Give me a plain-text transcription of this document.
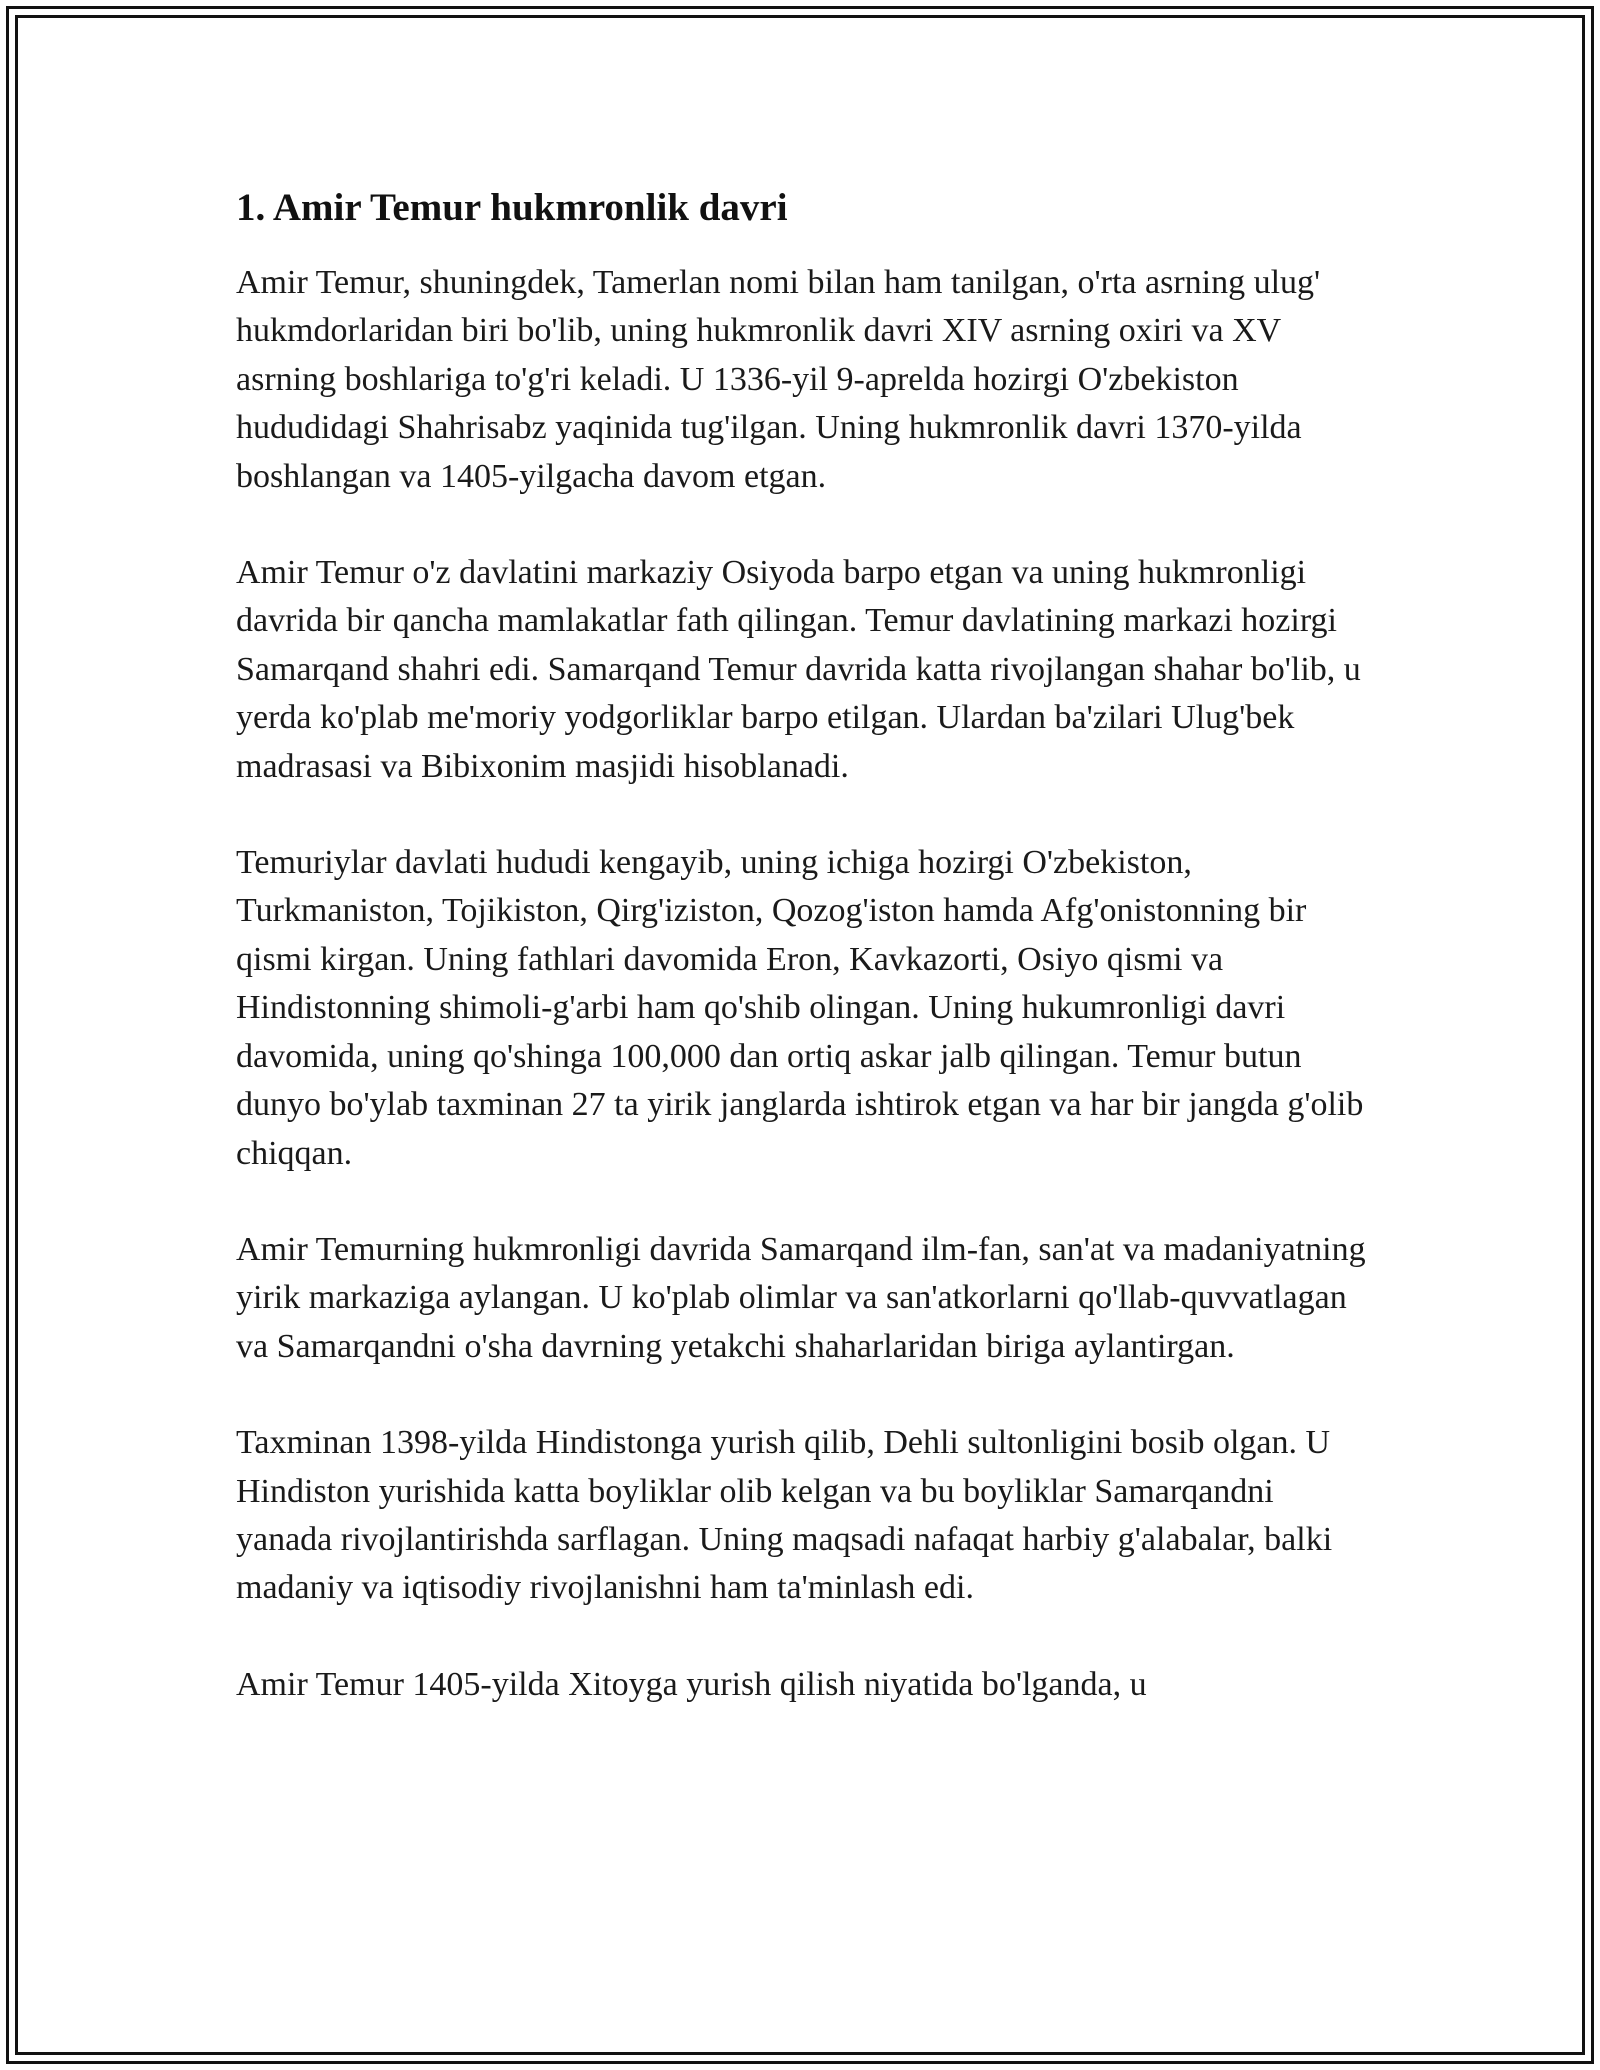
1. Amir Temur hukmronlik davri

Amir Temur, shuningdek, Tamerlan nomi bilan ham tanilgan, o'rta asrning ulug' hukmdorlaridan biri bo'lib, uning hukmronlik davri XIV asrning oxiri va XV asrning boshlariga to'g'ri keladi. U 1336-yil 9-aprelda hozirgi O'zbekiston hududidagi Shahrisabz yaqinida tug'ilgan. Uning hukmronlik davri 1370-yilda boshlangan va 1405-yilgacha davom etgan.

Amir Temur o'z davlatini markaziy Osiyoda barpo etgan va uning hukmronligi davrida bir qancha mamlakatlar fath qilingan. Temur davlatining markazi hozirgi Samarqand shahri edi. Samarqand Temur davrida katta rivojlangan shahar bo'lib, u yerda ko'plab me'moriy yodgorliklar barpo etilgan. Ulardan ba'zilari Ulug'bek madrasasi va Bibixonim masjidi hisoblanadi.

Temuriylar davlati hududi kengayib, uning ichiga hozirgi O'zbekiston, Turkmaniston, Tojikiston, Qirg'iziston, Qozog'iston hamda Afg'onistonning bir qismi kirgan. Uning fathlari davomida Eron, Kavkazorti, Osiyo qismi va Hindistonning shimoli-g'arbi ham qo'shib olingan. Uning hukumronligi davri davomida, uning qo'shinga 100,000 dan ortiq askar jalb qilingan. Temur butun dunyo bo'ylab taxminan 27 ta yirik janglarda ishtirok etgan va har bir jangda g'olib chiqqan.

Amir Temurning hukmronligi davrida Samarqand ilm-fan, san'at va madaniyatning yirik markaziga aylangan. U ko'plab olimlar va san'atkorlarni qo'llab-quvvatlagan va Samarqandni o'sha davrning yetakchi shaharlaridan biriga aylantirgan.

Taxminan 1398-yilda Hindistonga yurish qilib, Dehli sultonligini bosib olgan. U Hindiston yurishida katta boyliklar olib kelgan va bu boyliklar Samarqandni yanada rivojlantirishda sarflagan. Uning maqsadi nafaqat harbiy g'alabalar, balki madaniy va iqtisodiy rivojlanishni ham ta'minlash edi.

Amir Temur 1405-yilda Xitoyga yurish qilish niyatida bo'lganda, u
